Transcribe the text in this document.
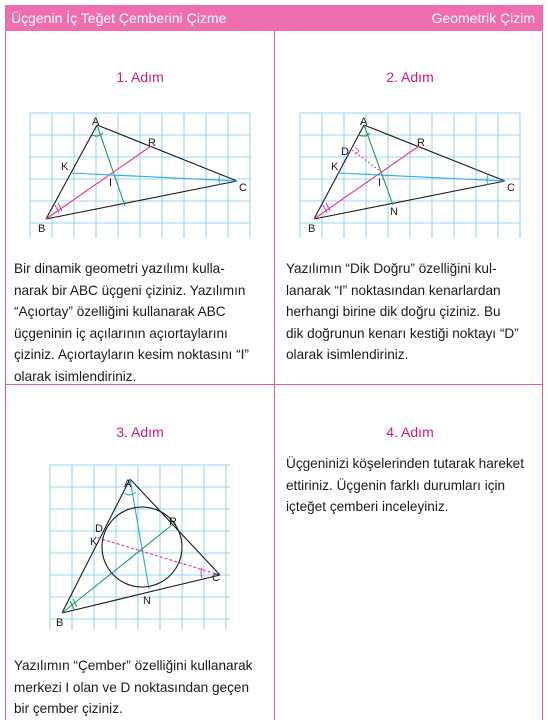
Üçgenin İç Teğet Çemberini Çizme	Geometrik Çizim
1. Adım
A
B
C
R
K
I
Bir dinamik geometri yazılımı kulla-
narak bir ABC üçgeni çiziniz. Yazılımın
“Açıortay” özelliğini kullanarak ABC
üçgeninin iç açılarının açıortaylarını
çiziniz. Açıortayların kesim noktasını “I”
olarak isimlendiriniz.
2. Adım
A
B
C
R
K
I
D
N
Yazılımın “Dik Doğru” özelliğini kul-
lanarak “I” noktasından kenarlardan
herhangi birine dik doğru çiziniz. Bu
dik doğrunun kenarı kestiği noktayı “D”
olarak isimlendiriniz.
3. Adım
A
B
C
R
K
D
N
Yazılımın “Çember” özelliğini kullanarak
merkezi I olan ve D noktasından geçen
bir çember çiziniz.
4. Adım
Üçgeninizi köşelerinden tutarak hareket
ettiriniz. Üçgenin farklı durumları için
içteğet çemberi inceleyiniz.
